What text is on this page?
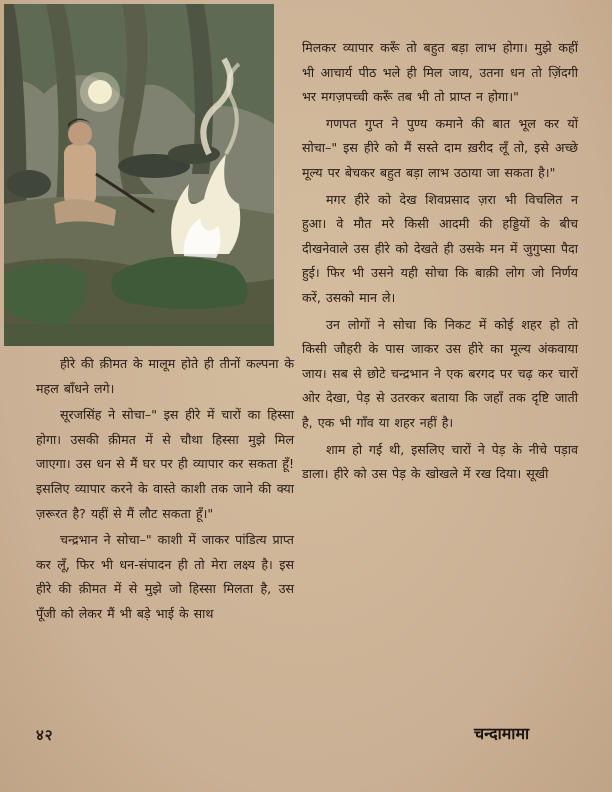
मिलकर व्यापार करूँ तो बहुत बड़ा लाभ होगा। मुझे कहीं भी आचार्य पीठ भले ही मिल जाय, उतना धन तो ज़िंदगी भर मगज़पच्ची करूँ तब भी तो प्राप्त न होगा।"

गणपत गुप्त ने पुण्य कमाने की बात भूल कर यों सोचा–" इस हीरे को मैं सस्ते दाम ख़रीद लूँ तो, इसे अच्छे मूल्य पर बेचकर बहुत बड़ा लाभ उठाया जा सकता है।"

मगर हीरे को देख शिवप्रसाद ज़रा भी विचलित न हुआ। वे मौत मरे किसी आदमी की हड्डियों के बीच दीखनेवाले उस हीरे को देखते ही उसके मन में जुगुप्सा पैदा हुई। फिर भी उसने यही सोचा कि बाक़ी लोग जो निर्णय करें, उसको मान ले।

उन लोगों ने सोचा कि निकट में कोई शहर हो तो किसी जौहरी के पास जाकर उस हीरे का मूल्य अंकवाया जाय। सब से छोटे चन्द्रभान ने एक बरगद पर चढ़ कर चारों ओर देखा, पेड़ से उतरकर बताया कि जहाँ तक दृष्टि जाती है, एक भी गाँव या शहर नहीं है।

शाम हो गई थी, इसलिए चारों ने पेड़ के नीचे पड़ाव डाला। हीरे को उस पेड़ के खोखले में रख दिया। सूखी

हीरे की क़ीमत के मालूम होते ही तीनों कल्पना के महल बाँधने लगे।

सूरजसिंह ने सोचा–" इस हीरे में चारों का हिस्सा होगा। उसकी क़ीमत में से चौथा हिस्सा मुझे मिल जाएगा। उस धन से मैं घर पर ही व्यापार कर सकता हूँ! इसलिए व्यापार करने के वास्ते काशी तक जाने की क्या ज़रूरत है? यहीं से मैं लौट सकता हूँ।"

चन्द्रभान ने सोचा–" काशी में जाकर पांडित्य प्राप्त कर लूँ, फिर भी धन-संपादन ही तो मेरा लक्ष्य है। इस हीरे की क़ीमत में से मुझे जो हिस्सा मिलता है, उस पूँजी को लेकर मैं भी बड़े भाई के साथ

४२	चन्दामामा
